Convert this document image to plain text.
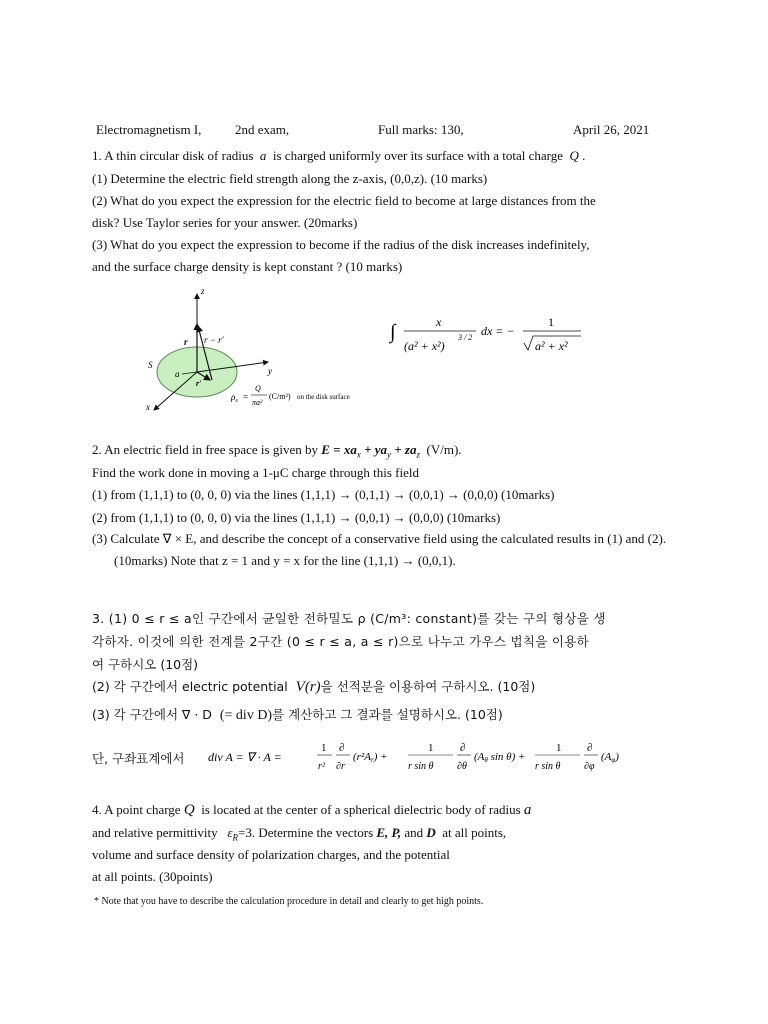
Electromagnetism I,	2nd exam,	Full marks: 130,	April 26, 2021
1. A thin circular disk of radius a is charged uniformly over its surface with a total charge Q .
(1) Determine the electric field strength along the z-axis, (0,0,z). (10 marks)
(2) What do you expect the expression for the electric field to become at large distances from the
disk? Use Taylor series for your answer. (20marks)
(3) What do you expect the expression to become if the radius of the disk increases indefinitely,
and the surface charge density is kept constant ? (10 marks)
z
y
x
S
a
r r − r′
r′
$\rho_s$ =
Q
πa²
(C/m²) on the disk surface
∫	x
(a² + x²)
3 / 2 dx = −
1
a² + x²
2. An electric field in free space is given by $E = xa_x + ya_y + za_z$ (V/m).
Find the work done in moving a 1-μC charge through this field
(1) from (1,1,1) to (0, 0, 0) via the lines (1,1,1) → (0,1,1) → (0,0,1) → (0,0,0) (10marks)
(2) from (1,1,1) to (0, 0, 0) via the lines (1,1,1) → (0,0,1) → (0,0,0) (10marks)
(3) Calculate ∇ × E, and describe the concept of a conservative field using the calculated results in (1) and (2).
(10marks) Note that z = 1 and y = x for the line (1,1,1) → (0,0,1).
3. (1) 0 ≤ r ≤ a인 구간에서 균일한 전하밀도 ρ (C/m³: constant)를 갖는 구의 형상을 생
각하자. 이것에 의한 전계를 2구간 (0 ≤ r ≤ a, a ≤ r)으로 나누고 가우스 법칙을 이용하
여 구하시오 (10점)
(2) 각 구간에서 electric potential V(r)을 선적분을 이용하여 구하시오. (10점)
(3) 각 구간에서 ∇ · D (= div D)를 계산하고 그 결과를 설명하시오. (10점)
단, 구좌표계에서 div A = ∇ · A =
1
r²
∂
∂r
(r²Ar) +
1
r sin θ
∂
∂θ
(Aθ sin θ) +
1
r sin θ
∂
∂φ
(Aφ)
4. A point charge Q is located at the center of a spherical dielectric body of radius a
and relative permittivity $\varepsilon_R=3$. Determine the vectors E, P, and D at all points,
volume and surface density of polarization charges, and the potential
at all points. (30points)
* Note that you have to describe the calculation procedure in detail and clearly to get high points.
